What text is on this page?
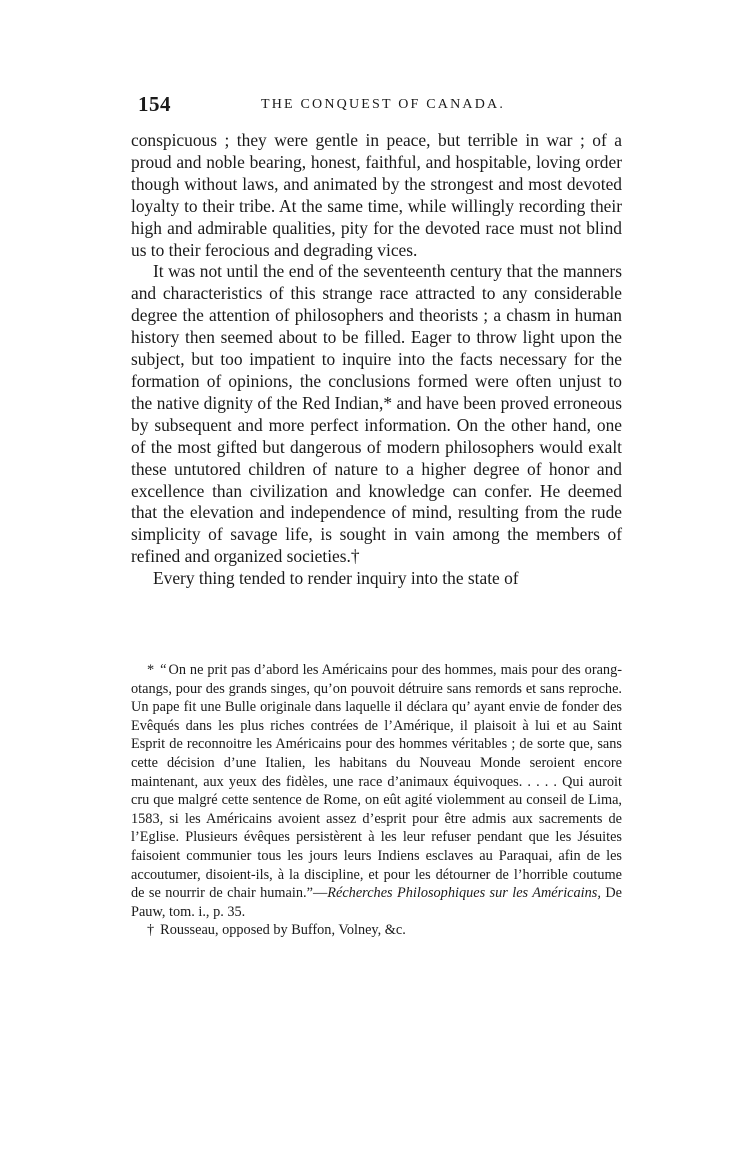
154	THE CONQUEST OF CANADA.

conspicuous ; they were gentle in peace, but terrible in war ; of a proud and noble bearing, honest, faithful, and hospitable, loving order though without laws, and animated by the strongest and most devoted loyalty to their tribe. At the same time, while willingly recording their high and admirable qualities, pity for the devoted race must not blind us to their ferocious and degrading vices.

It was not until the end of the seventeenth century that the manners and characteristics of this strange race attracted to any considerable degree the attention of philosophers and theorists ; a chasm in human history then seemed about to be filled. Eager to throw light upon the subject, but too impatient to inquire into the facts necessary for the formation of opinions, the conclusions formed were often unjust to the native dignity of the Red Indian,* and have been proved erroneous by subsequent and more perfect information. On the other hand, one of the most gifted but dangerous of modern philosophers would exalt these untutored children of nature to a higher degree of honor and excellence than civilization and knowledge can confer. He deemed that the elevation and independence of mind, resulting from the rude simplicity of savage life, is sought in vain among the members of refined and organized societies.†

Every thing tended to render inquiry into the state of

* “ On ne prit pas d’abord les Américains pour des hommes, mais pour des orang-otangs, pour des grands singes, qu’on pouvoit détruire sans remords et sans reproche. Un pape fit une Bulle originale dans laquelle il déclara qu’ ayant envie de fonder des Evêqués dans les plus riches contrées de l’Amérique, il plaisoit à lui et au Saint Esprit de reconnoitre les Américains pour des hommes véritables ; de sorte que, sans cette décision d’une Italien, les habitans du Nouveau Monde seroient encore maintenant, aux yeux des fidèles, une race d’animaux équivoques. . . . . Qui auroit cru que malgré cette sentence de Rome, on eût agité violemment au conseil de Lima, 1583, si les Américains avoient assez d’esprit pour être admis aux sacrements de l’Eglise. Plusieurs évêques persistèrent à les leur refuser pendant que les Jésuites faisoient communier tous les jours leurs Indiens esclaves au Paraquai, afin de les accoutumer, disoient-ils, à la discipline, et pour les détourner de l’horrible coutume de se nourrir de chair humain.”—Récherches Philosophiques sur les Américains, De Pauw, tom. i., p. 35.

† Rousseau, opposed by Buffon, Volney, &c.
